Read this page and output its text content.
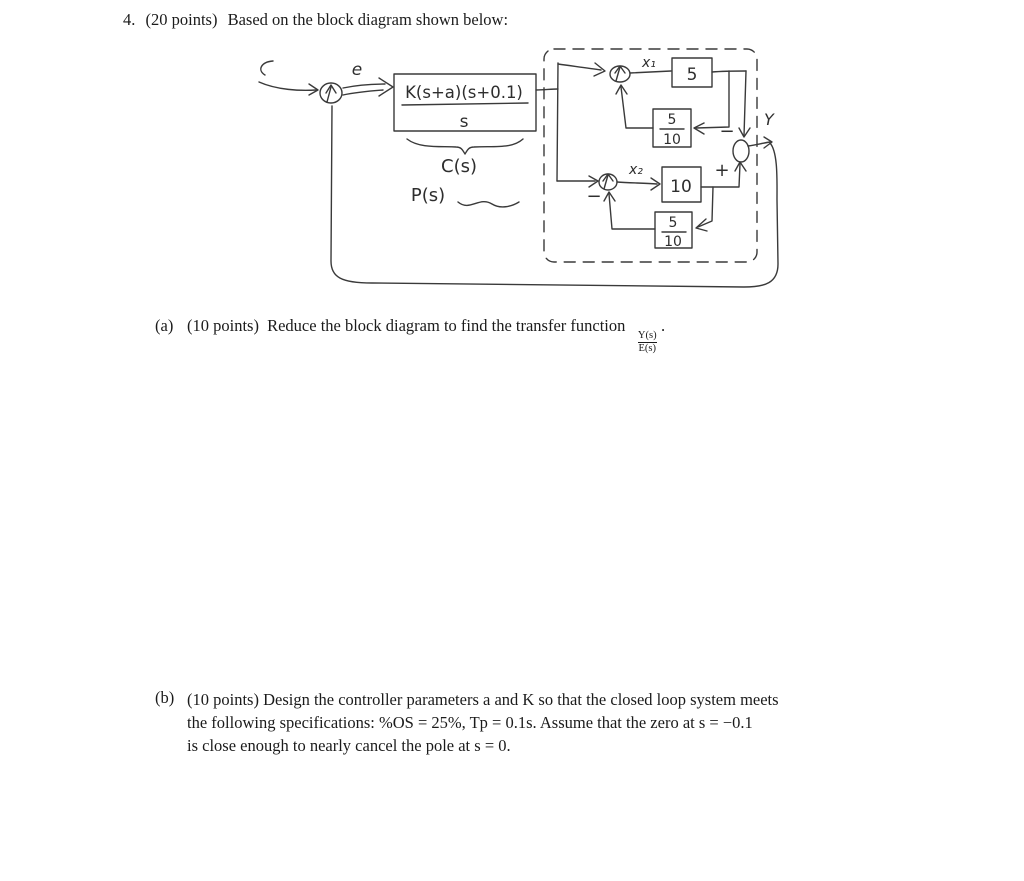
4. (20 points) Based on the block diagram shown below:
e
K(s+a)(s+0.1)
s
C(s)
P(s)
x₁
5
−
5
10
x₂
−	10
+
5
10
Y
(a) (10 points) Reduce the block diagram to find the transfer function
$\frac{Y(s)}{E(s)}$
.
(b) (10 points) Design the controller parameters a and K so that the closed loop system meets
the following specifications: %OS = 25%, Tp = 0.1s. Assume that the zero at s = −0.1
is close enough to nearly cancel the pole at s = 0.
